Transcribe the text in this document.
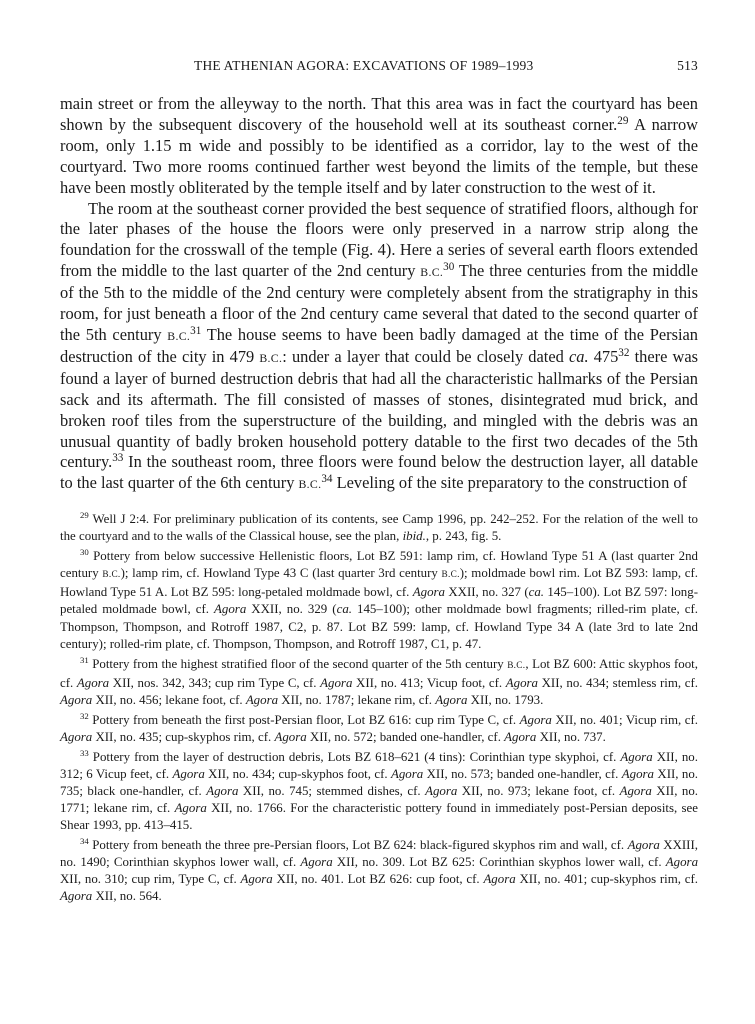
THE ATHENIAN AGORA: EXCAVATIONS OF 1989–1993	513

main street or from the alleyway to the north. That this area was in fact the courtyard has been shown by the subsequent discovery of the household well at its southeast corner.$^{29}$ A narrow room, only 1.15 m wide and possibly to be identified as a corridor, lay to the west of the courtyard. Two more rooms continued farther west beyond the limits of the temple, but these have been mostly obliterated by the temple itself and by later construction to the west of it.

The room at the southeast corner provided the best sequence of stratified floors, although for the later phases of the house the floors were only preserved in a narrow strip along the foundation for the crosswall of the temple (Fig. 4). Here a series of several earth floors extended from the middle to the last quarter of the 2nd century B.C.$^{30}$ The three centuries from the middle of the 5th to the middle of the 2nd century were completely absent from the stratigraphy in this room, for just beneath a floor of the 2nd century came several that dated to the second quarter of the 5th century B.C.$^{31}$ The house seems to have been badly damaged at the time of the Persian destruction of the city in 479 B.C.: under a layer that could be closely dated ca. $475^{32}$ there was found a layer of burned destruction debris that had all the characteristic hallmarks of the Persian sack and its aftermath. The fill consisted of masses of stones, disintegrated mud brick, and broken roof tiles from the superstructure of the building, and mingled with the debris was an unusual quantity of badly broken household pottery datable to the first two decades of the 5th century.$^{33}$ In the southeast room, three floors were found below the destruction layer, all datable to the last quarter of the 6th century B.C.$^{34}$ Leveling of the site preparatory to the construction of

$^{29}$ Well J 2:4. For preliminary publication of its contents, see Camp 1996, pp. 242–252. For the relation of the well to the courtyard and to the walls of the Classical house, see the plan, ibid., p. 243, fig. 5.

$^{30}$ Pottery from below successive Hellenistic floors, Lot BZ 591: lamp rim, cf. Howland Type 51 A (last quarter 2nd century B.C.); lamp rim, cf. Howland Type 43 C (last quarter 3rd century B.C.); moldmade bowl rim. Lot BZ 593: lamp, cf. Howland Type 51 A. Lot BZ 595: long-petaled moldmade bowl, cf. Agora XXII, no. 327 (ca. 145–100). Lot BZ 597: long-petaled moldmade bowl, cf. Agora XXII, no. 329 (ca. 145–100); other moldmade bowl fragments; rilled-rim plate, cf. Thompson, Thompson, and Rotroff 1987, C2, p. 87. Lot BZ 599: lamp, cf. Howland Type 34 A (late 3rd to late 2nd century); rolled-rim plate, cf. Thompson, Thompson, and Rotroff 1987, C1, p. 47.

$^{31}$ Pottery from the highest stratified floor of the second quarter of the 5th century B.C., Lot BZ 600: Attic skyphos foot, cf. Agora XII, nos. 342, 343; cup rim Type C, cf. Agora XII, no. 413; Vicup foot, cf. Agora XII, no. 434; stemless rim, cf. Agora XII, no. 456; lekane foot, cf. Agora XII, no. 1787; lekane rim, cf. Agora XII, no. 1793.

$^{32}$ Pottery from beneath the first post-Persian floor, Lot BZ 616: cup rim Type C, cf. Agora XII, no. 401; Vicup rim, cf. Agora XII, no. 435; cup-skyphos rim, cf. Agora XII, no. 572; banded one-handler, cf. Agora XII, no. 737.

$^{33}$ Pottery from the layer of destruction debris, Lots BZ 618–621 (4 tins): Corinthian type skyphoi, cf. Agora XII, no. 312; 6 Vicup feet, cf. Agora XII, no. 434; cup-skyphos foot, cf. Agora XII, no. 573; banded one-handler, cf. Agora XII, no. 735; black one-handler, cf. Agora XII, no. 745; stemmed dishes, cf. Agora XII, no. 973; lekane foot, cf. Agora XII, no. 1771; lekane rim, cf. Agora XII, no. 1766. For the characteristic pottery found in immediately post-Persian deposits, see Shear 1993, pp. 413–415.

$^{34}$ Pottery from beneath the three pre-Persian floors, Lot BZ 624: black-figured skyphos rim and wall, cf. Agora XXIII, no. 1490; Corinthian skyphos lower wall, cf. Agora XII, no. 309. Lot BZ 625: Corinthian skyphos lower wall, cf. Agora XII, no. 310; cup rim, Type C, cf. Agora XII, no. 401. Lot BZ 626: cup foot, cf. Agora XII, no. 401; cup-skyphos rim, cf. Agora XII, no. 564.
